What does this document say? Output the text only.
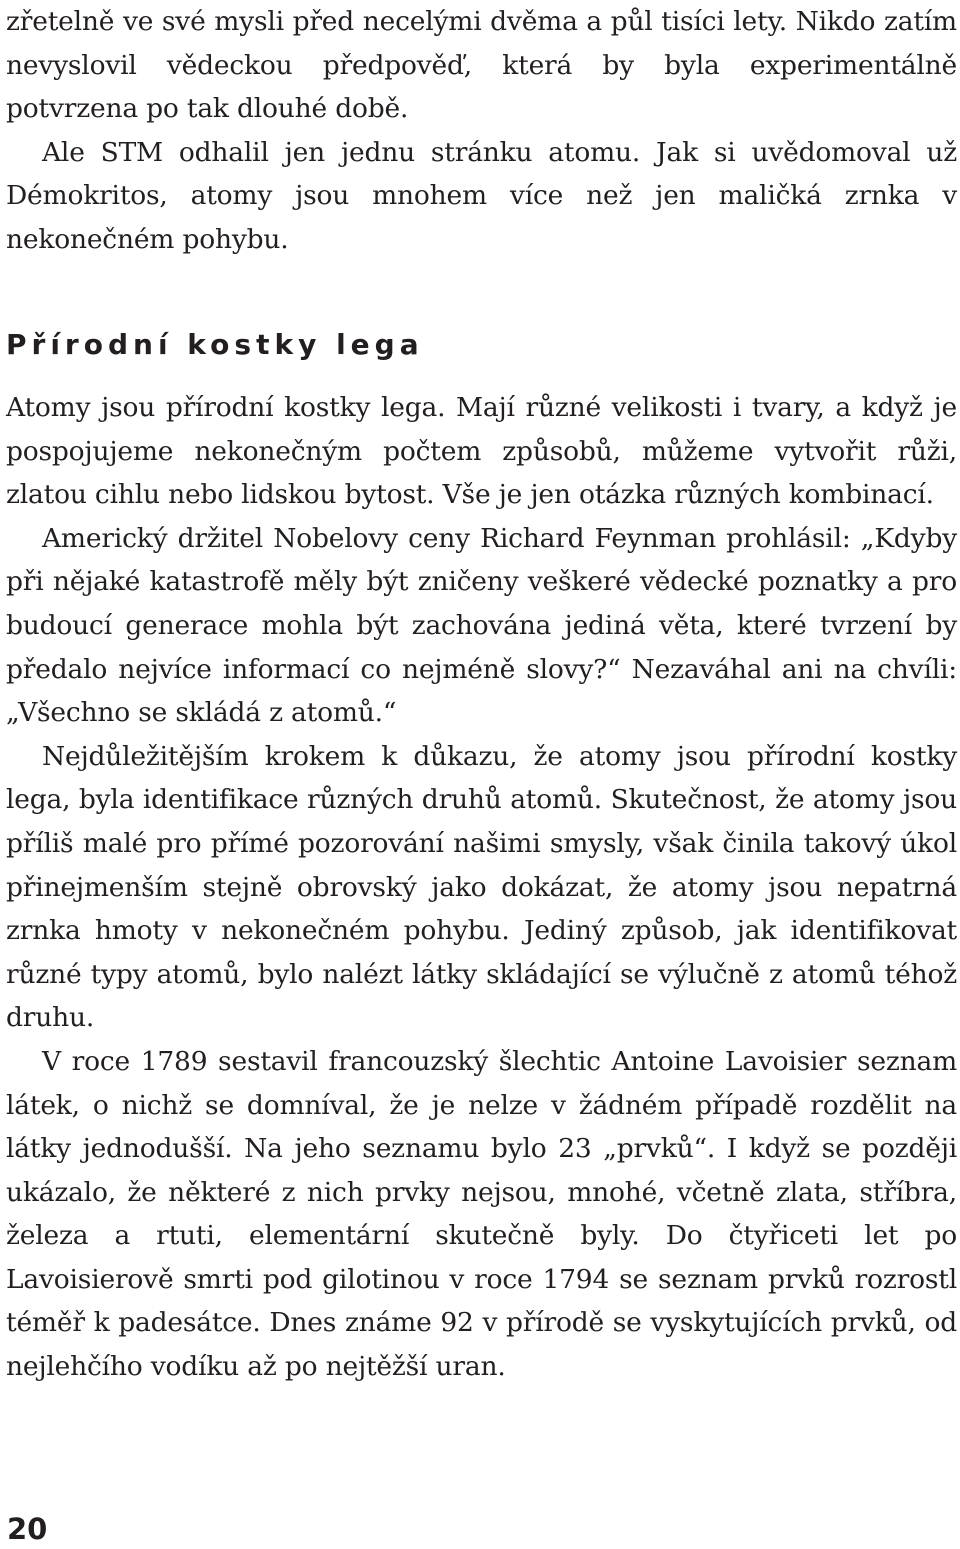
zřetelně ve své mysli před necelými dvěma a půl tisíci lety. Nikdo zatím nevyslovil vědeckou předpověď, která by byla experimentálně potvrzena po tak dlouhé době.

Ale STM odhalil jen jednu stránku atomu. Jak si uvědomoval už Démokritos, atomy jsou mnohem více než jen maličká zrnka v nekonečném pohybu.

Přírodní kostky lega

Atomy jsou přírodní kostky lega. Mají různé velikosti i tvary, a když je pospojujeme nekonečným počtem způsobů, můžeme vytvořit růži, zlatou cihlu nebo lidskou bytost. Vše je jen otázka různých kombinací.

Americký držitel Nobelovy ceny Richard Feynman prohlásil: „Kdyby při nějaké katastrofě měly být zničeny veškeré vědecké poznatky a pro budoucí generace mohla být zachována jediná věta, které tvrzení by předalo nejvíce informací co nejméně slovy?“ Nezaváhal ani na chvíli: „Všechno se skládá z atomů.“

Nejdůležitějším krokem k důkazu, že atomy jsou přírodní kostky lega, byla identifikace různých druhů atomů. Skutečnost, že atomy jsou příliš malé pro přímé pozorování našimi smysly, však činila takový úkol přinejmenším stejně obrovský jako dokázat, že atomy jsou nepatrná zrnka hmoty v nekonečném pohybu. Jediný způsob, jak identifikovat různé typy atomů, bylo nalézt látky skládající se výlučně z atomů téhož druhu.

V roce 1789 sestavil francouzský šlechtic Antoine Lavoisier seznam látek, o nichž se domníval, že je nelze v žádném případě rozdělit na látky jednodušší. Na jeho seznamu bylo 23 „prvků“. I když se později ukázalo, že některé z nich prvky nejsou, mnohé, včetně zlata, stříbra, železa a rtuti, elementární skutečně byly. Do čtyřiceti let po Lavoisierově smrti pod gilotinou v roce 1794 se seznam prvků rozrostl téměř k padesátce. Dnes známe 92 v přírodě se vyskytujících prvků, od nejlehčího vodíku až po nejtěžší uran.

20
